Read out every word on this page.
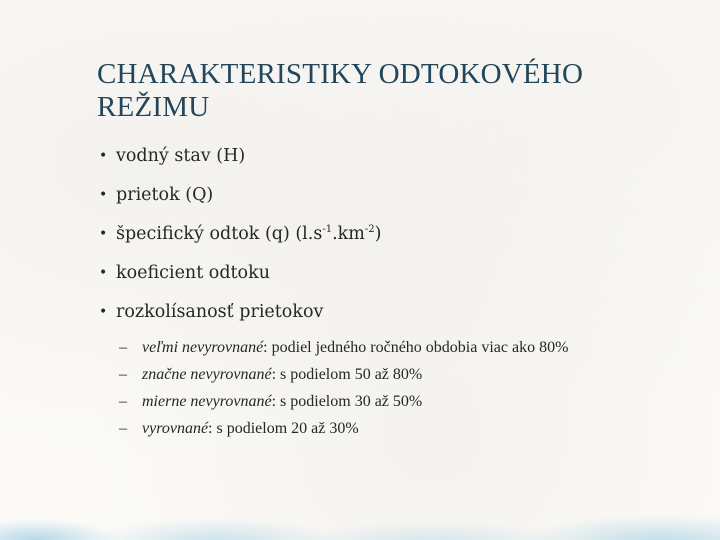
CHARAKTERISTIKY ODTOKOVÉHO REŽIMU
• vodný stav (H)
• prietok (Q)
• špecifický odtok (q) $(l.s^{-1}.km^{-2})$
• koeficient odtoku
• rozkolísanosť prietokov
– veľmi nevyrovnané: podiel jedného ročného obdobia viac ako 80%
– značne nevyrovnané: s podielom 50 až 80%
– mierne nevyrovnané: s podielom 30 až 50%
– vyrovnané: s podielom 20 až 30%
